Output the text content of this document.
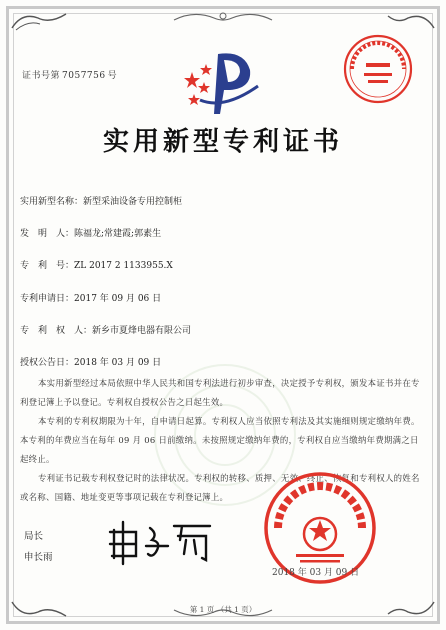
证书号第 7057756 号
实用新型专利证书
实用新型名称：新型采油设备专用控制柜
发　明　人：陈福龙;常建霞;郭素生
专　利　号：ZL 2017 2 1133955.X
专利申请日：2017 年 09 月 06 日
专　利　权　人：新乡市夏烽电器有限公司
授权公告日：2018 年 03 月 09 日
本实用新型经过本局依照中华人民共和国专利法进行初步审查，决定授予专利权，颁发本证书并在专利登记簿上予以登记。专利权自授权公告之日起生效。
本专利的专利权期限为十年，自申请日起算。专利权人应当依照专利法及其实施细则规定缴纳年费。本专利的年费应当在每年 09 月 06 日前缴纳。未按照规定缴纳年费的，专利权自应当缴纳年费期满之日起终止。
专利证书记载专利权登记时的法律状况。专利权的转移、质押、无效、终止、恢复和专利权人的姓名或名称、国籍、地址变更等事项记载在专利登记簿上。
局长
申长雨
2018 年 03 月 09 日
第 1 页 （共 1 页）
